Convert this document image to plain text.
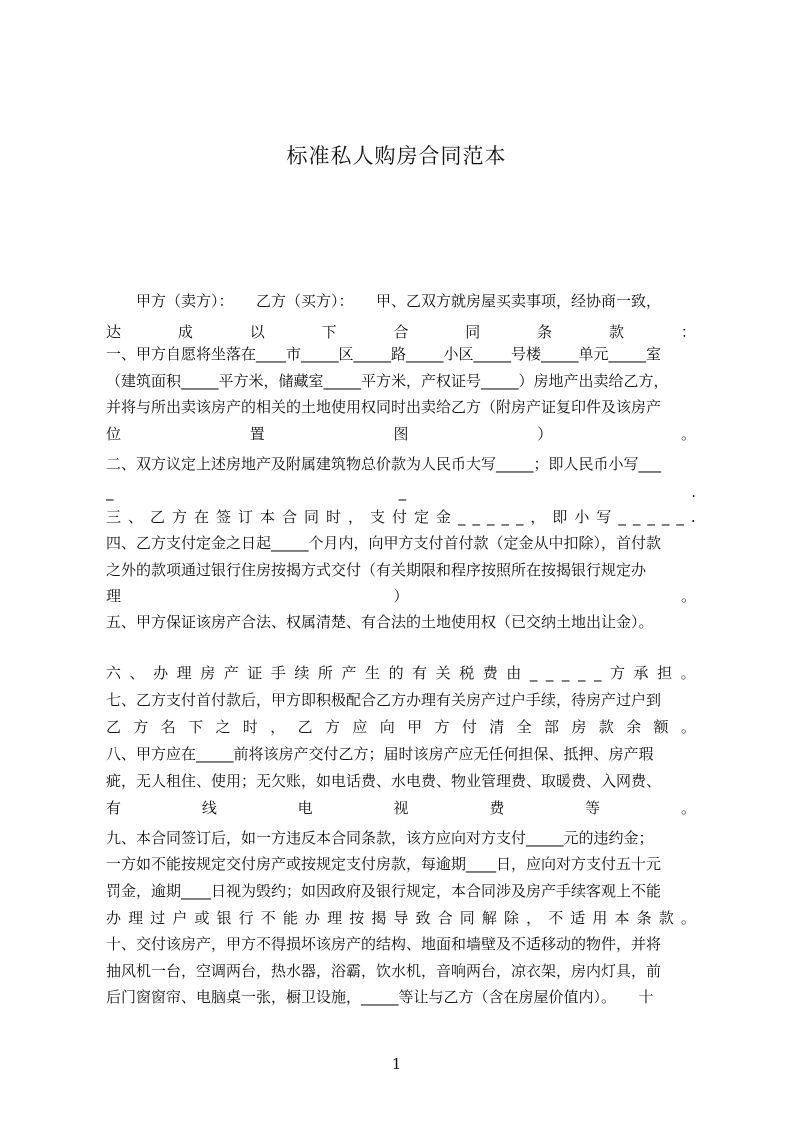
标准私人购房合同范本
　　甲方（卖方）：　　乙方（买方）：　　甲、乙双方就房屋买卖事项，经协商一致，
达	成	以	下	合	同	条	款	：
一、甲方自愿将坐落在____市_____区_____路_____小区_____号楼_____单元_____室
（建筑面积_____平方米，储藏室_____平方米，产权证号_____）房地产出卖给乙方，
并将与所出卖该房产的相关的土地使用权同时出卖给乙方（附房产证复印件及该房产
位	置	图	）	。
二、双方议定上述房地产及附属建筑物总价款为人民币大写_____；即人民币小写___
_	_	.
三 、 乙 方 在 签 订 本 合 同 时 ， 支 付 定 金 _ _ _ _ _ ， 即 小 写 _ _ _ _ _ .
四、乙方支付定金之日起_____个月内，向甲方支付首付款（定金从中扣除），首付款
之外的款项通过银行住房按揭方式交付（有关期限和程序按照所在按揭银行规定办
理	）	。
五、甲方保证该房产合法、权属清楚、有合法的土地使用权（已交纳土地出让金）。
六 、 办 理 房 产 证 手 续 所 产 生 的 有 关 税 费 由 _ _ _ _ _ 方 承 担 。
七、乙方支付首付款后，甲方即积极配合乙方办理有关房产过户手续，待房产过户到
乙 方 名 下 之 时 ， 乙 方 应 向 甲 方 付 清 全 部 房 款 余 额 。
八、甲方应在_____前将该房产交付乙方；届时该房产应无任何担保、抵押、房产瑕
疵，无人租住、使用；无欠账，如电话费、水电费、物业管理费、取暖费、入网费、
有	线	电	视	费	等	。
九、本合同签订后，如一方违反本合同条款，该方应向对方支付_____元的违约金；
一方如不能按规定交付房产或按规定支付房款，每逾期____日，应向对方支付五十元
罚金，逾期____日视为毁约；如因政府及银行规定，本合同涉及房产手续客观上不能
办 理 过 户 或 银 行 不 能 办 理 按 揭 导 致 合 同 解 除 ， 不 适 用 本 条 款 。
十、交付该房产，甲方不得损坏该房产的结构、地面和墙壁及不适移动的物件，并将
抽风机一台，空调两台，热水器，浴霸，饮水机，音响两台，凉衣架，房内灯具，前
后门窗窗帘、电脑桌一张，橱卫设施，_____等让与乙方（含在房屋价值内）。　　十
1
